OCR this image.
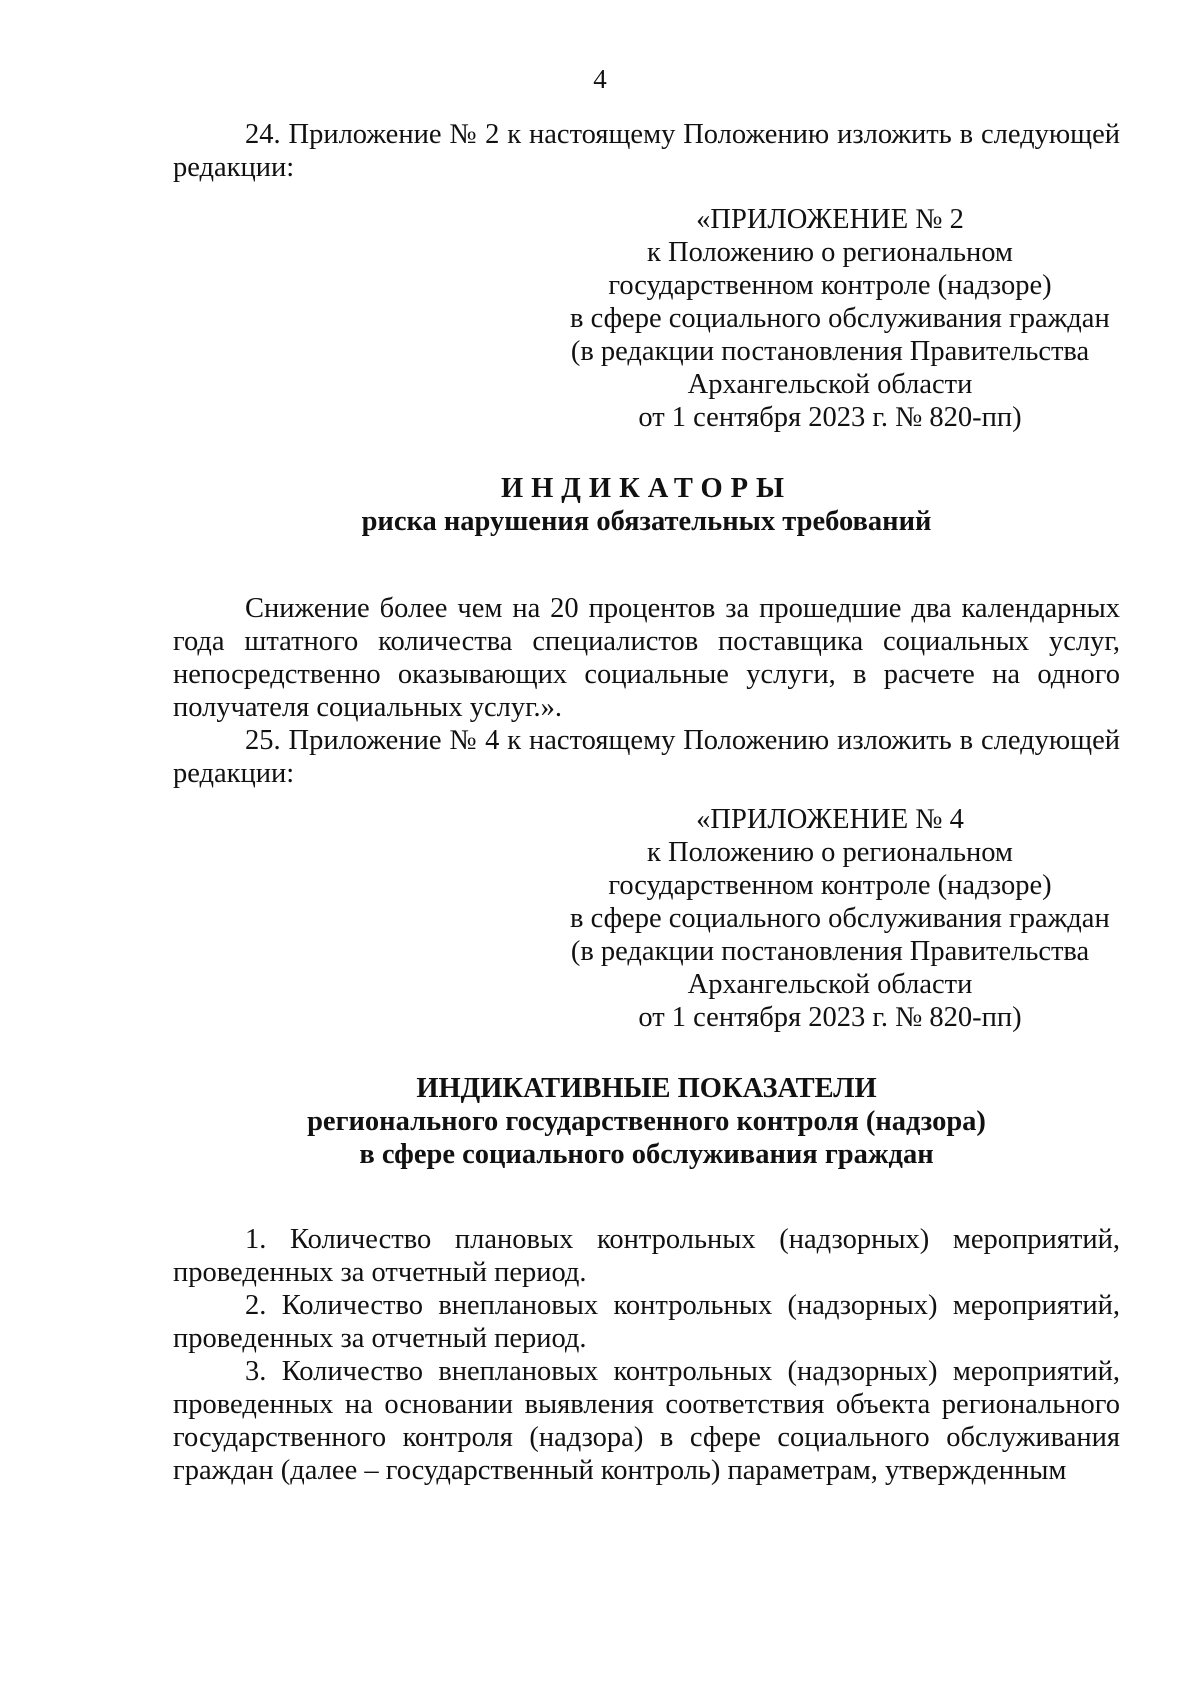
4

24. Приложение № 2 к настоящему Положению изложить в следующей редакции:

«ПРИЛОЖЕНИЕ № 2
к Положению о региональном
государственном контроле (надзоре)
в сфере социального обслуживания граждан
(в редакции постановления Правительства
Архангельской области
от 1 сентября 2023 г. № 820-пп)
ИНДИКАТОРЫ
риска нарушения обязательных требований

Снижение более чем на 20 процентов за прошедшие два календарных года штатного количества специалистов поставщика социальных услуг, непосредственно оказывающих социальные услуги, в расчете на одного получателя социальных услуг.».

25. Приложение № 4 к настоящему Положению изложить в следующей редакции:

«ПРИЛОЖЕНИЕ № 4
к Положению о региональном
государственном контроле (надзоре)
в сфере социального обслуживания граждан
(в редакции постановления Правительства
Архангельской области
от 1 сентября 2023 г. № 820-пп)
ИНДИКАТИВНЫЕ ПОКАЗАТЕЛИ
регионального государственного контроля (надзора)
в сфере социального обслуживания граждан

1. Количество плановых контрольных (надзорных) мероприятий, проведенных за отчетный период.

2. Количество внеплановых контрольных (надзорных) мероприятий, проведенных за отчетный период.

3. Количество внеплановых контрольных (надзорных) мероприятий, проведенных на основании выявления соответствия объекта регионального государственного контроля (надзора) в сфере социального обслуживания граждан (далее – государственный контроль) параметрам, утвержденным
